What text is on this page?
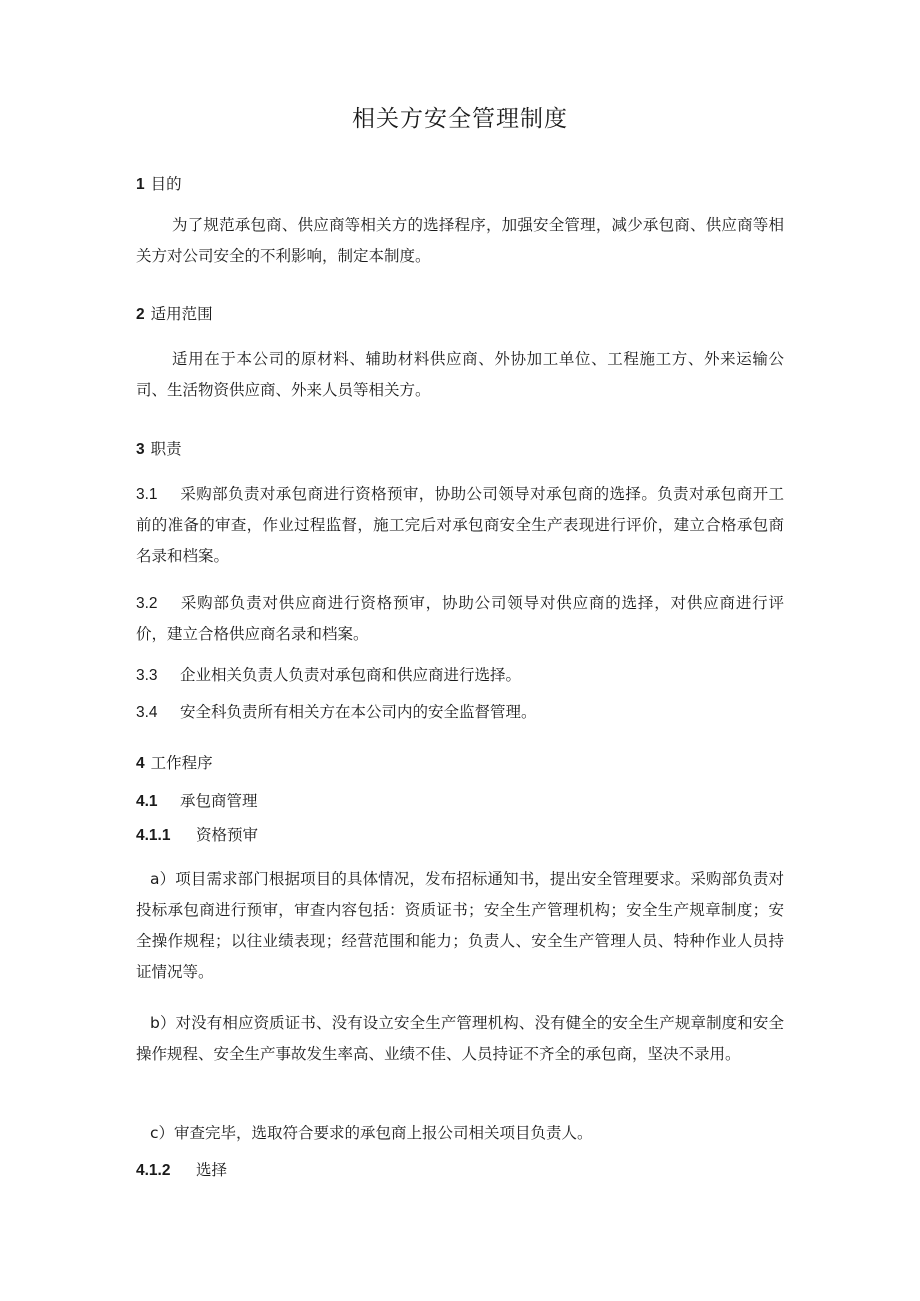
相关方安全管理制度
1 目的
为了规范承包商、供应商等相关方的选择程序，加强安全管理，减少承包商、供应商等相关方对公司安全的不利影响，制定本制度。
2 适用范围
适用在于本公司的原材料、辅助材料供应商、外协加工单位、工程施工方、外来运输公司、生活物资供应商、外来人员等相关方。
3 职责
3.1 采购部负责对承包商进行资格预审，协助公司领导对承包商的选择。负责对承包商开工前的准备的审查，作业过程监督，施工完后对承包商安全生产表现进行评价，建立合格承包商名录和档案。
3.2 采购部负责对供应商进行资格预审，协助公司领导对供应商的选择，对供应商进行评价，建立合格供应商名录和档案。
3.3 企业相关负责人负责对承包商和供应商进行选择。
3.4 安全科负责所有相关方在本公司内的安全监督管理。
4 工作程序
4.1 承包商管理
4.1.1 资格预审
a）项目需求部门根据项目的具体情况，发布招标通知书，提出安全管理要求。采购部负责对投标承包商进行预审，审查内容包括：资质证书；安全生产管理机构；安全生产规章制度；安全操作规程；以往业绩表现；经营范围和能力；负责人、安全生产管理人员、特种作业人员持证情况等。
b）对没有相应资质证书、没有设立安全生产管理机构、没有健全的安全生产规章制度和安全操作规程、安全生产事故发生率高、业绩不佳、人员持证不齐全的承包商，坚决不录用。
c）审查完毕，选取符合要求的承包商上报公司相关项目负责人。
4.1.2 选择
